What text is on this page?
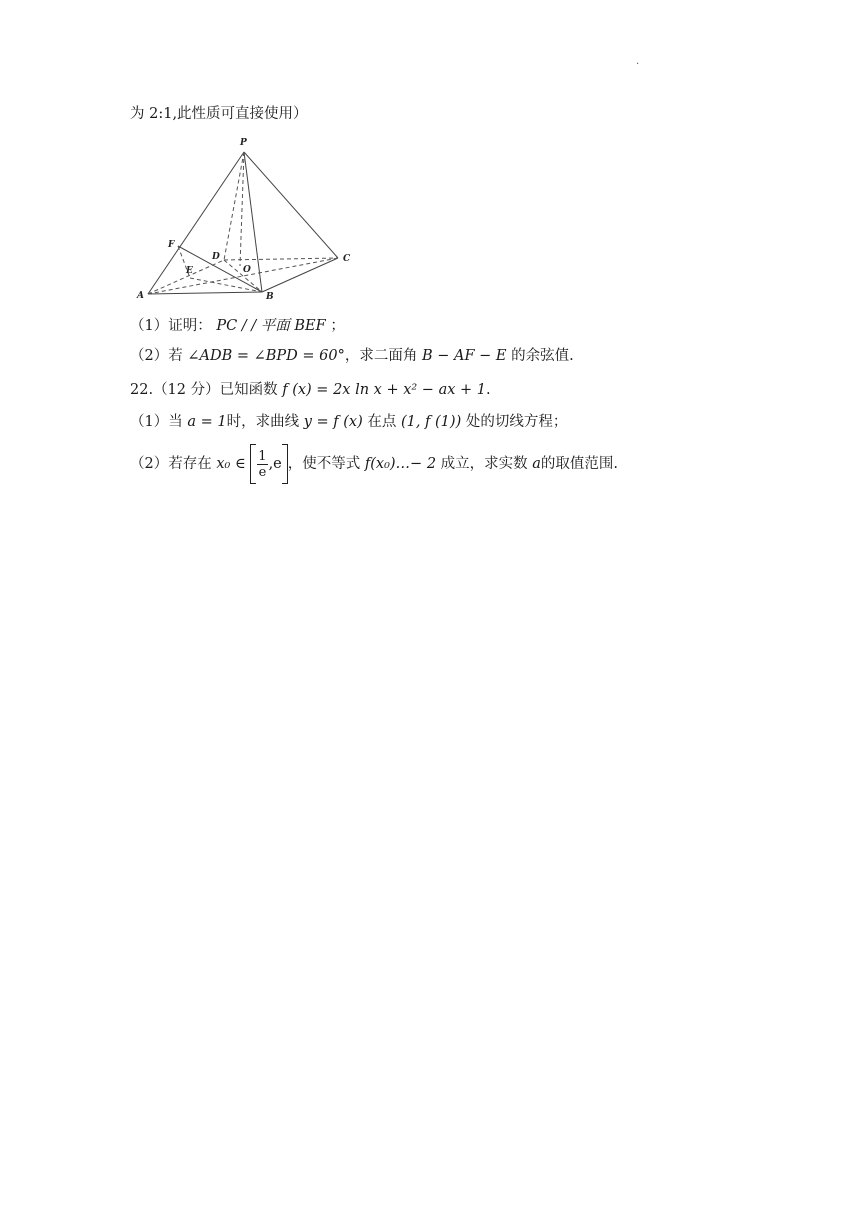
.
为 2:1,此性质可直接使用）
P
F
D	C
E	O
A	B
（1）证明： PC / / 平面 BEF ；
（2）若 ∠ADB = ∠BPD = 60°，求二面角 B − AF − E 的余弦值.
22.（12 分）已知函数 f (x) = 2x ln x + x² − ax + 1.
（1）当 a = 1时，求曲线 y = f (x) 在点 (1, f (1)) 处的切线方程；
（2）若存在 x₀ ∈ $\frac{1}{e} ,e$ ，使不等式 f(x₀)…− 2 成立，求实数 a的取值范围.
